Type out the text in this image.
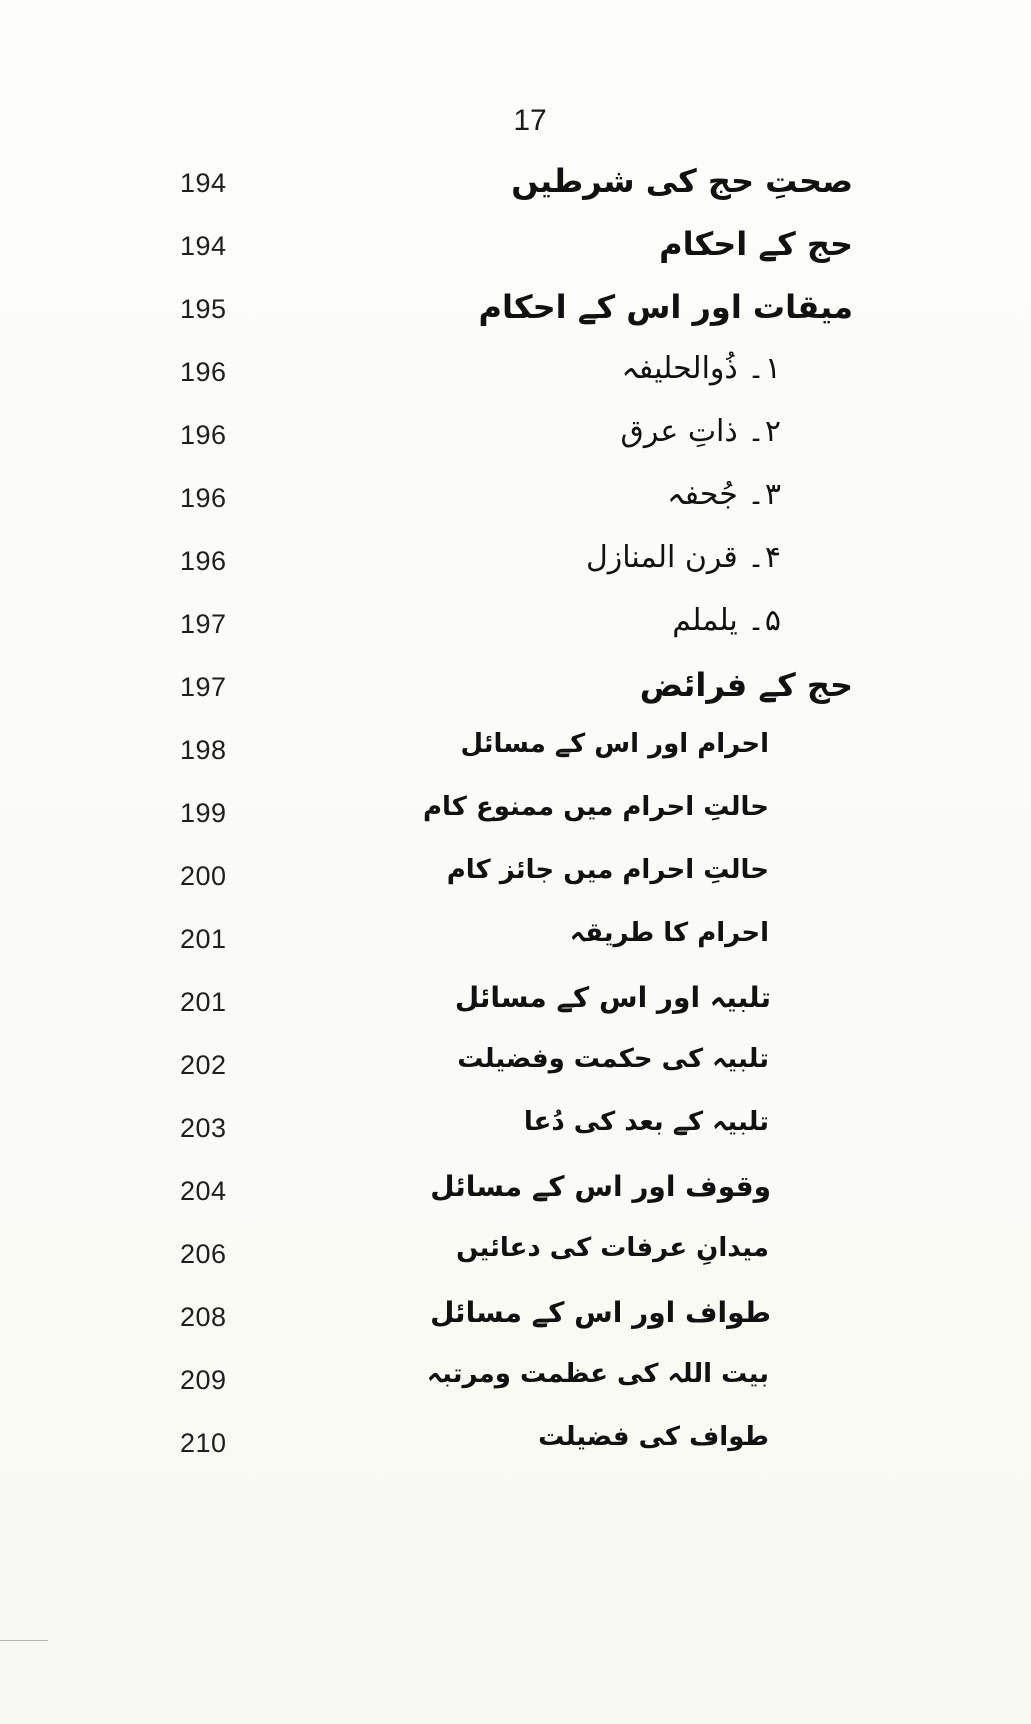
17
194	صحتِ حج کی شرطیں
194	حج کے احکام
195	میقات اور اس کے احکام
196	۱۔ ذُوالحلیفہ
196	۲۔ ذاتِ عرق
196	۳۔ جُحفہ
196	۴۔ قرن المنازل
197	۵۔ یلملم
197	حج کے فرائض
198	احرام اور اس کے مسائل
199	حالتِ احرام میں ممنوع کام
200	حالتِ احرام میں جائز کام
201	احرام کا طریقہ
201	تلبیہ اور اس کے مسائل
202	تلبیہ کی حکمت وفضیلت
203	تلبیہ کے بعد کی دُعا
204	وقوف اور اس کے مسائل
206	میدانِ عرفات کی دعائیں
208	طواف اور اس کے مسائل
209	بیت اللہ کی عظمت ومرتبہ
210	طواف کی فضیلت
